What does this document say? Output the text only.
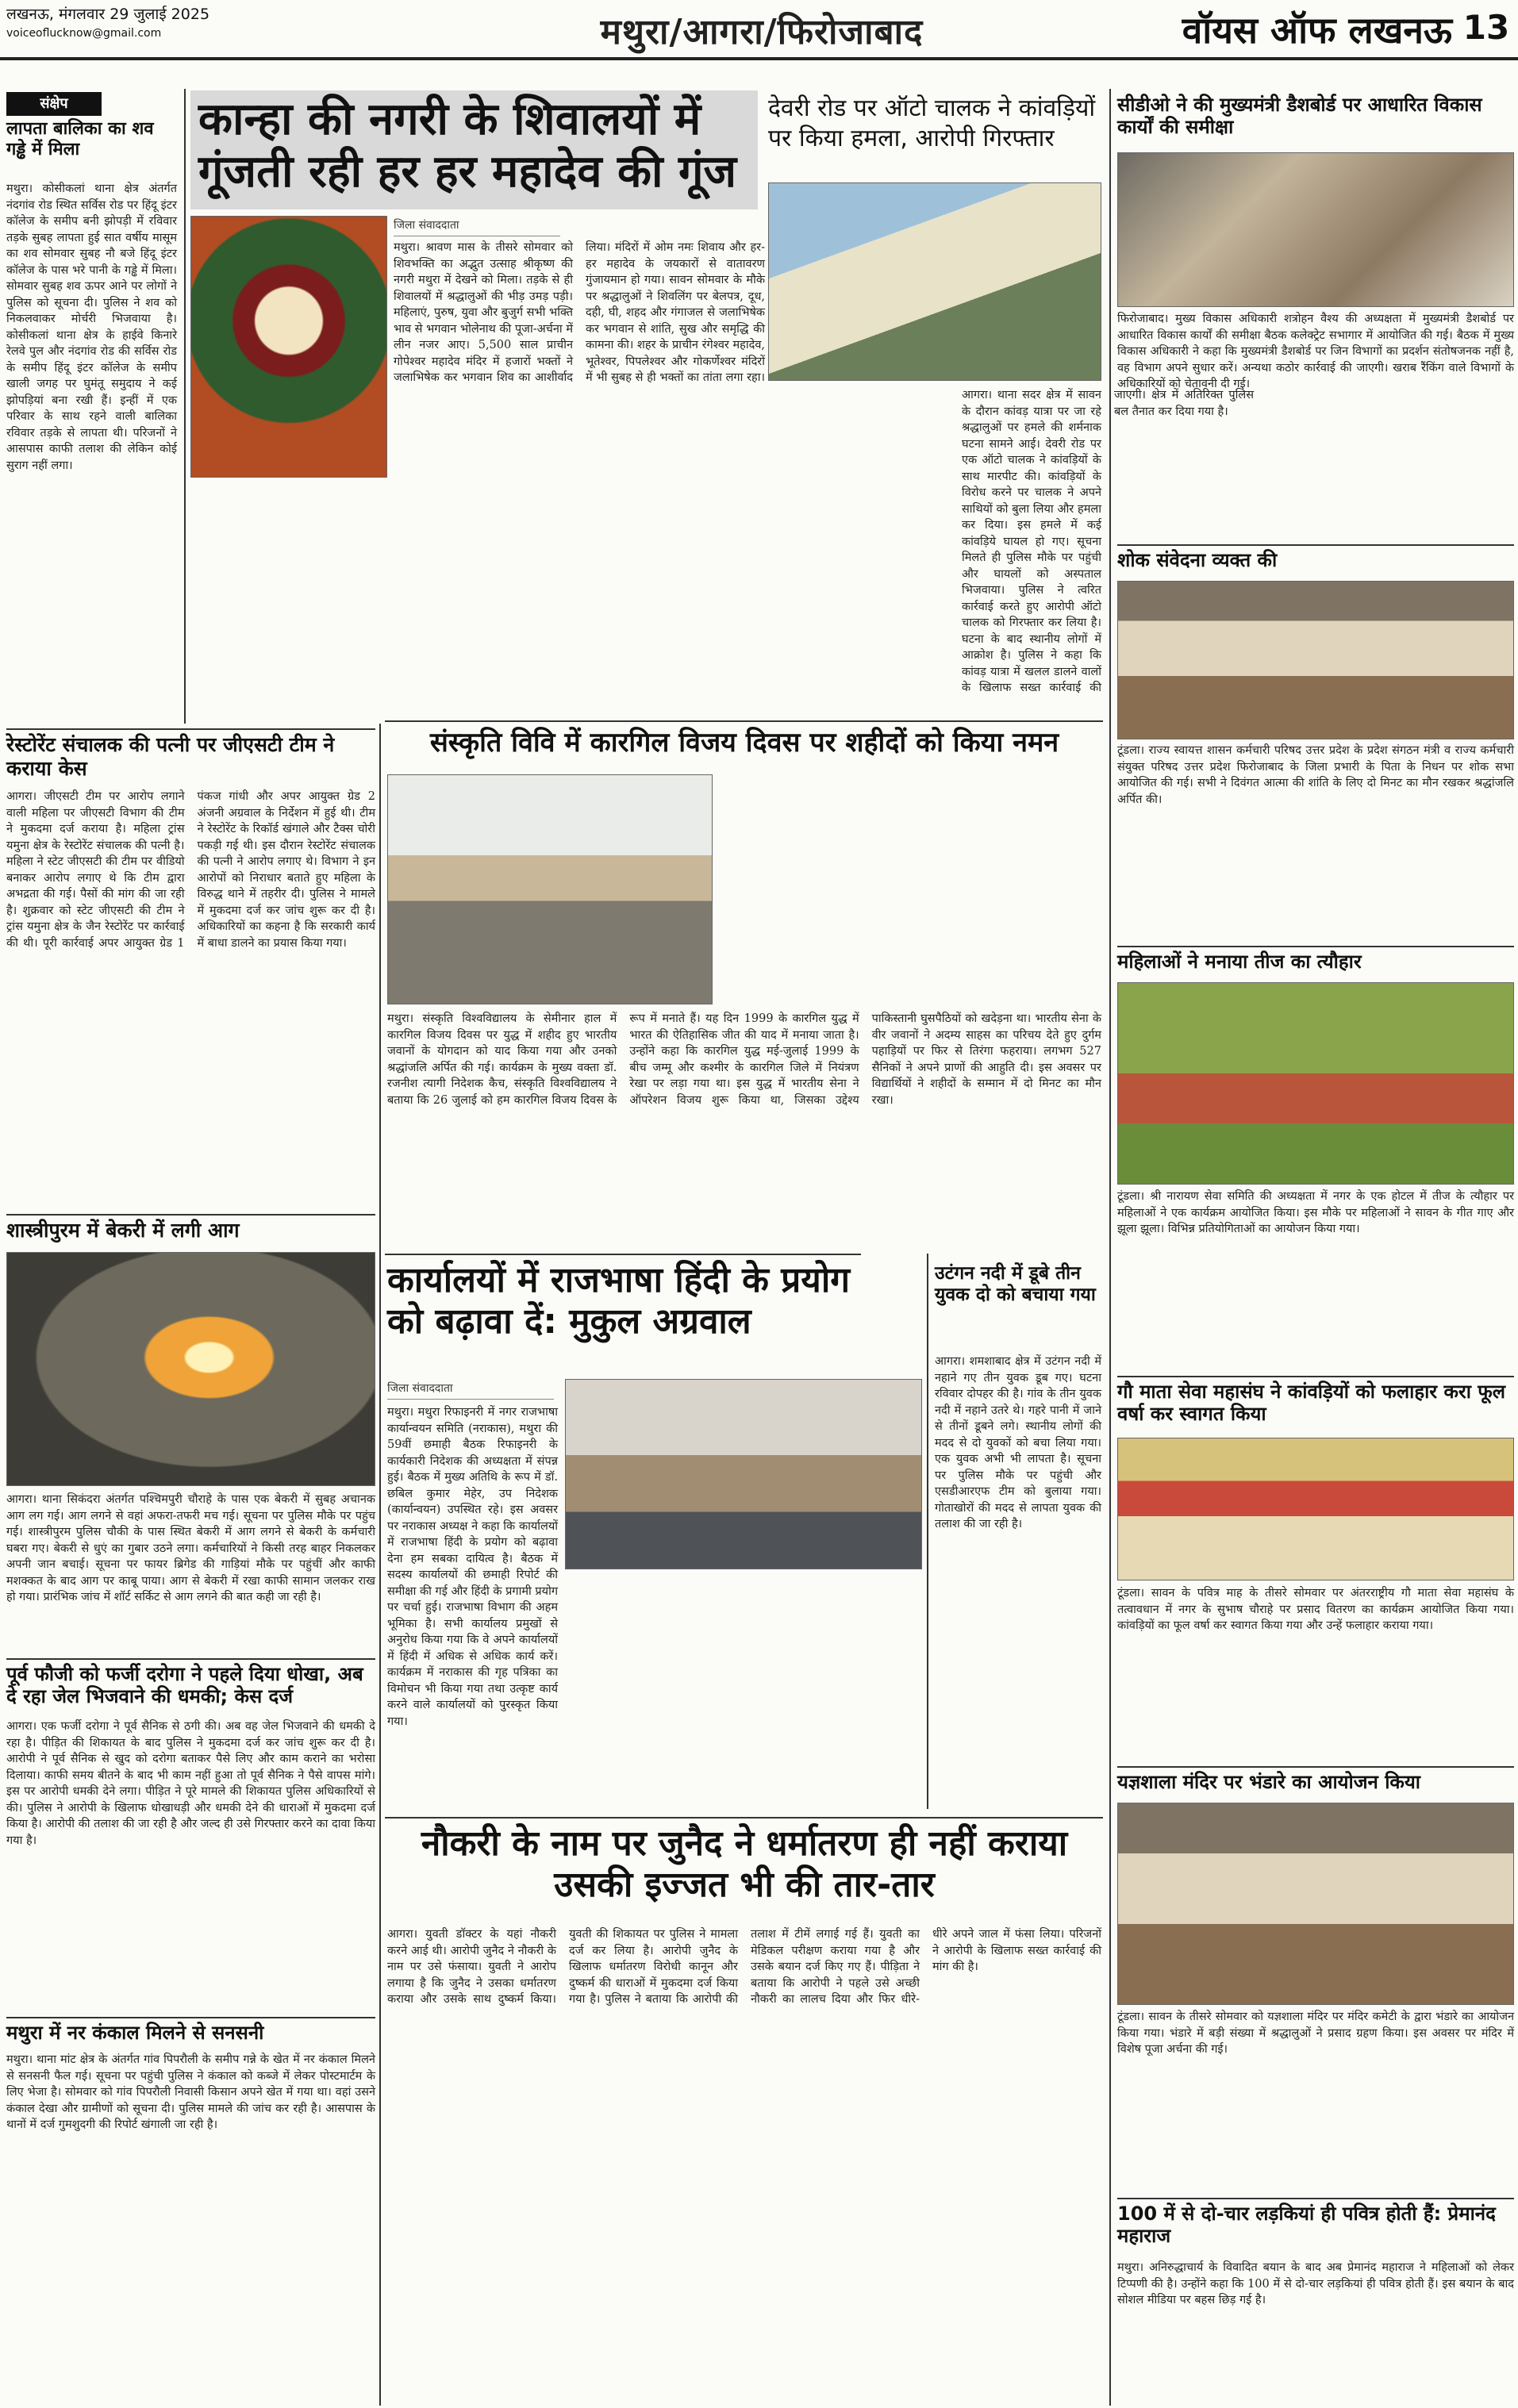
लखनऊ, मंगलवार 29 जुलाई 2025
voiceoflucknow@gmail.com	मथुरा/आगरा/फिरोजाबाद	वॉयस ऑफ लखनऊ 13
संक्षेप
लापता बालिका का शव गड्ढे में मिला
मथुरा। कोसीकलां थाना क्षेत्र अंतर्गत नंदगांव रोड स्थित सर्विस रोड पर हिंदू इंटर कॉलेज के समीप बनी झोपड़ी में रविवार तड़के सुबह लापता हुई सात वर्षीय मासूम का शव सोमवार सुबह नौ बजे हिंदू इंटर कॉलेज के पास भरे पानी के गड्ढे में मिला। सोमवार सुबह शव ऊपर आने पर लोगों ने पुलिस को सूचना दी। पुलिस ने शव को निकलवाकर मोर्चरी भिजवाया है। कोसीकलां थाना क्षेत्र के हाईवे किनारे रेलवे पुल और नंदगांव रोड की सर्विस रोड के समीप हिंदू इंटर कॉलेज के समीप खाली जगह पर घुमंतू समुदाय ने कई झोपड़ियां बना रखी हैं। इन्हीं में एक परिवार के साथ रहने वाली बालिका रविवार तड़के से लापता थी। परिजनों ने आसपास काफी तलाश की लेकिन कोई सुराग नहीं लगा।
रेस्टोरेंट संचालक की पत्नी पर जीएसटी टीम ने कराया केस
आगरा। जीएसटी टीम पर आरोप लगाने वाली महिला पर जीएसटी विभाग की टीम ने मुकदमा दर्ज कराया है। महिला ट्रांस यमुना क्षेत्र के रेस्टोरेंट संचालक की पत्नी है। महिला ने स्टेट जीएसटी की टीम पर वीडियो बनाकर आरोप लगाए थे कि टीम द्वारा अभद्रता की गई। पैसों की मांग की जा रही है। शुक्रवार को स्टेट जीएसटी की टीम ने ट्रांस यमुना क्षेत्र के जैन रेस्टोरेंट पर कार्रवाई की थी। पूरी कार्रवाई अपर आयुक्त ग्रेड 1 पंकज गांधी और अपर आयुक्त ग्रेड 2 अंजनी अग्रवाल के निर्देशन में हुई थी। टीम ने रेस्टोरेंट के रिकॉर्ड खंगाले और टैक्स चोरी पकड़ी गई थी। इस दौरान रेस्टोरेंट संचालक की पत्नी ने आरोप लगाए थे। विभाग ने इन आरोपों को निराधार बताते हुए महिला के विरुद्ध थाने में तहरीर दी। पुलिस ने मामले में मुकदमा दर्ज कर जांच शुरू कर दी है। अधिकारियों का कहना है कि सरकारी कार्य में बाधा डालने का प्रयास किया गया।
शास्त्रीपुरम में बेकरी में लगी आग
आगरा। थाना सिकंदरा अंतर्गत पश्चिमपुरी चौराहे के पास एक बेकरी में सुबह अचानक आग लग गई। आग लगने से वहां अफरा-तफरी मच गई। सूचना पर पुलिस मौके पर पहुंच गई। शास्त्रीपुरम पुलिस चौकी के पास स्थित बेकरी में आग लगने से बेकरी के कर्मचारी घबरा गए। बेकरी से धुएं का गुबार उठने लगा। कर्मचारियों ने किसी तरह बाहर निकलकर अपनी जान बचाई। सूचना पर फायर ब्रिगेड की गाड़ियां मौके पर पहुंचीं और काफी मशक्कत के बाद आग पर काबू पाया। आग से बेकरी में रखा काफी सामान जलकर राख हो गया। प्रारंभिक जांच में शॉर्ट सर्किट से आग लगने की बात कही जा रही है।
पूर्व फौजी को फर्जी दरोगा ने पहले दिया धोखा, अब दे रहा जेल भिजवाने की धमकी; केस दर्ज
आगरा। एक फर्जी दरोगा ने पूर्व सैनिक से ठगी की। अब वह जेल भिजवाने की धमकी दे रहा है। पीड़ित की शिकायत के बाद पुलिस ने मुकदमा दर्ज कर जांच शुरू कर दी है। आरोपी ने पूर्व सैनिक से खुद को दरोगा बताकर पैसे लिए और काम कराने का भरोसा दिलाया। काफी समय बीतने के बाद भी काम नहीं हुआ तो पूर्व सैनिक ने पैसे वापस मांगे। इस पर आरोपी धमकी देने लगा। पीड़ित ने पूरे मामले की शिकायत पुलिस अधिकारियों से की। पुलिस ने आरोपी के खिलाफ धोखाधड़ी और धमकी देने की धाराओं में मुकदमा दर्ज किया है। आरोपी की तलाश की जा रही है और जल्द ही उसे गिरफ्तार करने का दावा किया गया है।
मथुरा में नर कंकाल मिलने से सनसनी
मथुरा। थाना मांट क्षेत्र के अंतर्गत गांव पिपरौली के समीप गन्ने के खेत में नर कंकाल मिलने से सनसनी फैल गई। सूचना पर पहुंची पुलिस ने कंकाल को कब्जे में लेकर पोस्टमार्टम के लिए भेजा है। सोमवार को गांव पिपरौली निवासी किसान अपने खेत में गया था। वहां उसने कंकाल देखा और ग्रामीणों को सूचना दी। पुलिस मामले की जांच कर रही है। आसपास के थानों में दर्ज गुमशुदगी की रिपोर्ट खंगाली जा रही है।
कान्हा की नगरी के शिवालयों में गूंजती रही हर हर महादेव की गूंज
जिला संवाददाता
मथुरा। श्रावण मास के तीसरे सोमवार को शिवभक्ति का अद्भुत उत्साह श्रीकृष्ण की नगरी मथुरा में देखने को मिला। तड़के से ही शिवालयों में श्रद्धालुओं की भीड़ उमड़ पड़ी। महिलाएं, पुरुष, युवा और बुजुर्ग सभी भक्ति भाव से भगवान भोलेनाथ की पूजा-अर्चना में लीन नजर आए। 5,500 साल प्राचीन गोपेश्वर महादेव मंदिर में हजारों भक्तों ने जलाभिषेक कर भगवान शिव का आशीर्वाद लिया। मंदिरों में ओम नमः शिवाय और हर-हर महादेव के जयकारों से वातावरण गुंजायमान हो गया। सावन सोमवार के मौके पर श्रद्धालुओं ने शिवलिंग पर बेलपत्र, दूध, दही, घी, शहद और गंगाजल से जलाभिषेक कर भगवान से शांति, सुख और समृद्धि की कामना की। शहर के प्राचीन रंगेश्वर महादेव, भूतेश्वर, पिपलेश्वर और गोकर्णेश्वर मंदिरों में भी सुबह से ही भक्तों का तांता लगा रहा।
देवरी रोड पर ऑटो चालक ने कांवड़ियों पर किया हमला, आरोपी गिरफ्तार
आगरा। थाना सदर क्षेत्र में सावन के दौरान कांवड़ यात्रा पर जा रहे श्रद्धालुओं पर हमले की शर्मनाक घटना सामने आई। देवरी रोड पर एक ऑटो चालक ने कांवड़ियों के साथ मारपीट की। कांवड़ियों के विरोध करने पर चालक ने अपने साथियों को बुला लिया और हमला कर दिया। इस हमले में कई कांवड़िये घायल हो गए। सूचना मिलते ही पुलिस मौके पर पहुंची और घायलों को अस्पताल भिजवाया। पुलिस ने त्वरित कार्रवाई करते हुए आरोपी ऑटो चालक को गिरफ्तार कर लिया है। घटना के बाद स्थानीय लोगों में आक्रोश है। पुलिस ने कहा कि कांवड़ यात्रा में खलल डालने वालों के खिलाफ सख्त कार्रवाई की जाएगी। क्षेत्र में अतिरिक्त पुलिस बल तैनात कर दिया गया है।
संस्कृति विवि में कारगिल विजय दिवस पर शहीदों को किया नमन
मथुरा। संस्कृति विश्वविद्यालय के सेमीनार हाल में कारगिल विजय दिवस पर युद्ध में शहीद हुए भारतीय जवानों के योगदान को याद किया गया और उनको श्रद्धांजलि अर्पित की गई। कार्यक्रम के मुख्य वक्ता डॉ. रजनीश त्यागी निदेशक कैच, संस्कृति विश्वविद्यालय ने बताया कि 26 जुलाई को हम कारगिल विजय दिवस के रूप में मनाते हैं। यह दिन 1999 के कारगिल युद्ध में भारत की ऐतिहासिक जीत की याद में मनाया जाता है। उन्होंने कहा कि कारगिल युद्ध मई-जुलाई 1999 के बीच जम्मू और कश्मीर के कारगिल जिले में नियंत्रण रेखा पर लड़ा गया था। इस युद्ध में भारतीय सेना ने ऑपरेशन विजय शुरू किया था, जिसका उद्देश्य पाकिस्तानी घुसपैठियों को खदेड़ना था। भारतीय सेना के वीर जवानों ने अदम्य साहस का परिचय देते हुए दुर्गम पहाड़ियों पर फिर से तिरंगा फहराया। लगभग 527 सैनिकों ने अपने प्राणों की आहुति दी। इस अवसर पर विद्यार्थियों ने शहीदों के सम्मान में दो मिनट का मौन रखा।
कार्यालयों में राजभाषा हिंदी के प्रयोग को बढ़ावा दें: मुकुल अग्रवाल
जिला संवाददाता
मथुरा। मथुरा रिफाइनरी में नगर राजभाषा कार्यान्वयन समिति (नराकास), मथुरा की 59वीं छमाही बैठक रिफाइनरी के कार्यकारी निदेशक की अध्यक्षता में संपन्न हुई। बैठक में मुख्य अतिथि के रूप में डॉ. छबिल कुमार मेहेर, उप निदेशक (कार्यान्वयन) उपस्थित रहे। इस अवसर पर नराकास अध्यक्ष ने कहा कि कार्यालयों में राजभाषा हिंदी के प्रयोग को बढ़ावा देना हम सबका दायित्व है। बैठक में सदस्य कार्यालयों की छमाही रिपोर्ट की समीक्षा की गई और हिंदी के प्रगामी प्रयोग पर चर्चा हुई। राजभाषा विभाग की अहम भूमिका है। सभी कार्यालय प्रमुखों से अनुरोध किया गया कि वे अपने कार्यालयों में हिंदी में अधिक से अधिक कार्य करें। कार्यक्रम में नराकास की गृह पत्रिका का विमोचन भी किया गया तथा उत्कृष्ट कार्य करने वाले कार्यालयों को पुरस्कृत किया गया।
उटंगन नदी में डूबे तीन युवक दो को बचाया गया
आगरा। शमशाबाद क्षेत्र में उटंगन नदी में नहाने गए तीन युवक डूब गए। घटना रविवार दोपहर की है। गांव के तीन युवक नदी में नहाने उतरे थे। गहरे पानी में जाने से तीनों डूबने लगे। स्थानीय लोगों की मदद से दो युवकों को बचा लिया गया। एक युवक अभी भी लापता है। सूचना पर पुलिस मौके पर पहुंची और एसडीआरएफ टीम को बुलाया गया। गोताखोरों की मदद से लापता युवक की तलाश की जा रही है।
नौकरी के नाम पर जुनैद ने धर्मातरण ही नहीं कराया उसकी इज्जत भी की तार-तार
आगरा। युवती डॉक्टर के यहां नौकरी करने आई थी। आरोपी जुनैद ने नौकरी के नाम पर उसे फंसाया। युवती ने आरोप लगाया है कि जुनैद ने उसका धर्मातरण कराया और उसके साथ दुष्कर्म किया। युवती की शिकायत पर पुलिस ने मामला दर्ज कर लिया है। आरोपी जुनैद के खिलाफ धर्मातरण विरोधी कानून और दुष्कर्म की धाराओं में मुकदमा दर्ज किया गया है। पुलिस ने बताया कि आरोपी की तलाश में टीमें लगाई गई हैं। युवती का मेडिकल परीक्षण कराया गया है और उसके बयान दर्ज किए गए हैं। पीड़िता ने बताया कि आरोपी ने पहले उसे अच्छी नौकरी का लालच दिया और फिर धीरे-धीरे अपने जाल में फंसा लिया। परिजनों ने आरोपी के खिलाफ सख्त कार्रवाई की मांग की है।
सीडीओ ने की मुख्यमंत्री डैशबोर्ड पर आधारित विकास कार्यों की समीक्षा
फिरोजाबाद। मुख्य विकास अधिकारी शत्रोहन वैश्य की अध्यक्षता में मुख्यमंत्री डैशबोर्ड पर आधारित विकास कार्यों की समीक्षा बैठक कलेक्ट्रेट सभागार में आयोजित की गई। बैठक में मुख्य विकास अधिकारी ने कहा कि मुख्यमंत्री डैशबोर्ड पर जिन विभागों का प्रदर्शन संतोषजनक नहीं है, वह विभाग अपने सुधार करें। अन्यथा कठोर कार्रवाई की जाएगी। खराब रैंकिंग वाले विभागों के अधिकारियों को चेतावनी दी गई।
शोक संवेदना व्यक्त की
टूंडला। राज्य स्वायत्त शासन कर्मचारी परिषद उत्तर प्रदेश के प्रदेश संगठन मंत्री व राज्य कर्मचारी संयुक्त परिषद उत्तर प्रदेश फिरोजाबाद के जिला प्रभारी के पिता के निधन पर शोक सभा आयोजित की गई। सभी ने दिवंगत आत्मा की शांति के लिए दो मिनट का मौन रखकर श्रद्धांजलि अर्पित की।
महिलाओं ने मनाया तीज का त्यौहार
टूंडला। श्री नारायण सेवा समिति की अध्यक्षता में नगर के एक होटल में तीज के त्यौहार पर महिलाओं ने एक कार्यक्रम आयोजित किया। इस मौके पर महिलाओं ने सावन के गीत गाए और झूला झूला। विभिन्न प्रतियोगिताओं का आयोजन किया गया।
गौ माता सेवा महासंघ ने कांवड़ियों को फलाहार करा फूल वर्षा कर स्वागत किया
टूंडला। सावन के पवित्र माह के तीसरे सोमवार पर अंतरराष्ट्रीय गौ माता सेवा महासंघ के तत्वावधान में नगर के सुभाष चौराहे पर प्रसाद वितरण का कार्यक्रम आयोजित किया गया। कांवड़ियों का फूल वर्षा कर स्वागत किया गया और उन्हें फलाहार कराया गया।
यज्ञशाला मंदिर पर भंडारे का आयोजन किया
टूंडला। सावन के तीसरे सोमवार को यज्ञशाला मंदिर पर मंदिर कमेटी के द्वारा भंडारे का आयोजन किया गया। भंडारे में बड़ी संख्या में श्रद्धालुओं ने प्रसाद ग्रहण किया। इस अवसर पर मंदिर में विशेष पूजा अर्चना की गई।
100 में से दो-चार लड़कियां ही पवित्र होती हैं: प्रेमानंद महाराज
मथुरा। अनिरुद्धाचार्य के विवादित बयान के बाद अब प्रेमानंद महाराज ने महिलाओं को लेकर टिप्पणी की है। उन्होंने कहा कि 100 में से दो-चार लड़कियां ही पवित्र होती हैं। इस बयान के बाद सोशल मीडिया पर बहस छिड़ गई है।
